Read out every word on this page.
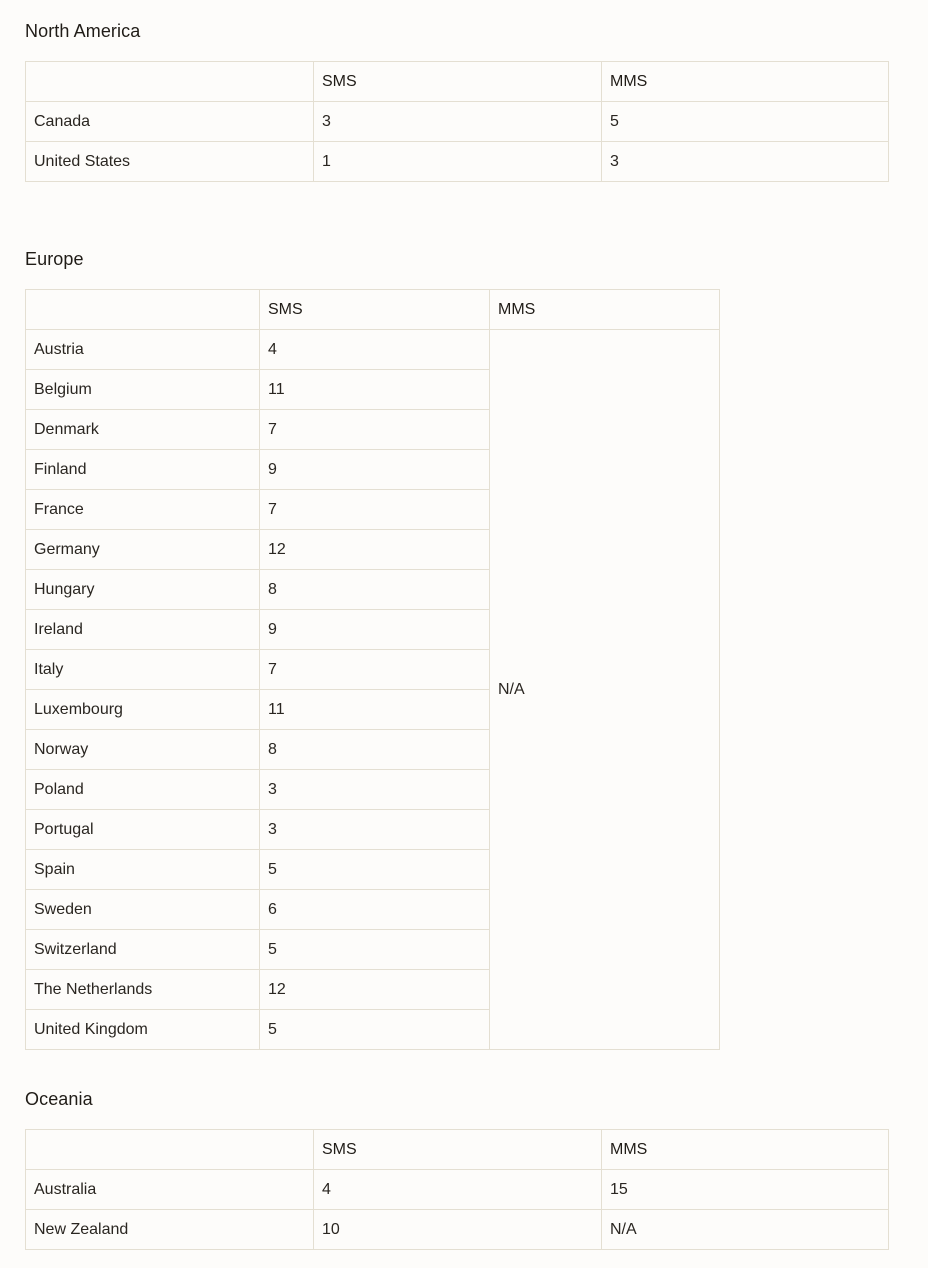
North America
	SMS	MMS
Canada	3	5
United States	1	3
Europe
	SMS	MMS
Austria	4	N/A
Belgium	11	
Denmark	7	
Finland	9	
France	7	
Germany	12	
Hungary	8	
Ireland	9	
Italy	7	
Luxembourg	11	
Norway	8	
Poland	3	
Portugal	3	
Spain	5	
Sweden	6	
Switzerland	5	
The Netherlands	12	
United Kingdom	5	
Oceania
	SMS	MMS
Australia	4	15
New Zealand	10	N/A
